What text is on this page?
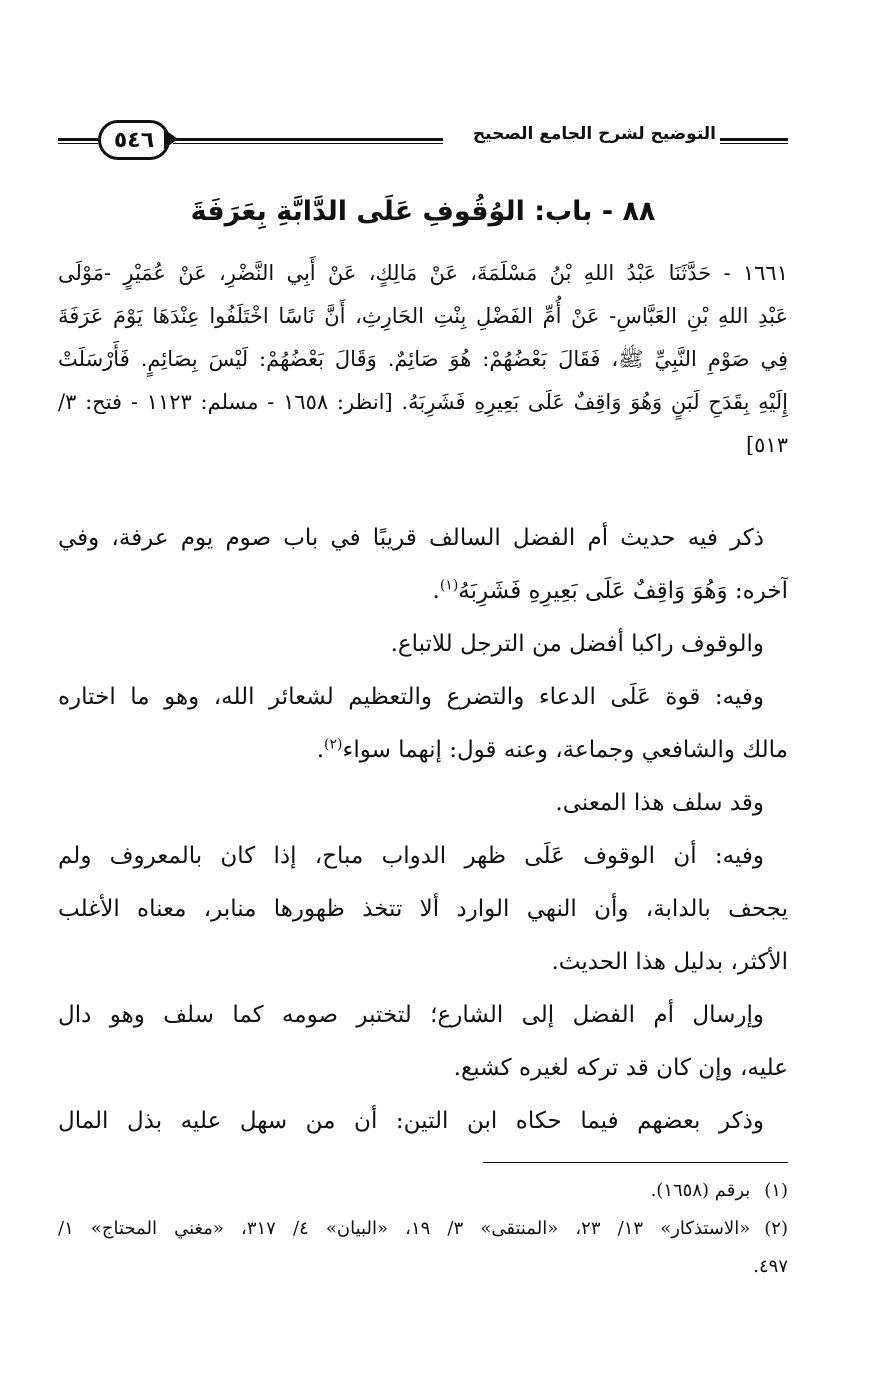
التوضيح لشرح الجامع الصحيح
٥٤٦
٨٨ - باب: الوُقُوفِ عَلَى الدَّابَّةِ بِعَرَفَةَ
١٦٦١ - حَدَّثَنَا عَبْدُ اللهِ بْنُ مَسْلَمَةَ، عَنْ مَالِكٍ، عَنْ أَبِي النَّضْرِ، عَنْ عُمَيْرٍ -مَوْلَى
عَبْدِ اللهِ بْنِ العَبَّاسِ- عَنْ أُمِّ الفَضْلِ بِنْتِ الحَارِثِ، أَنَّ نَاسًا اخْتَلَفُوا عِنْدَهَا يَوْمَ عَرَفَةَ
فِي صَوْمِ النَّبِيِّ ﷺ، فَقَالَ بَعْضُهُمْ: هُوَ صَائِمٌ. وَقَالَ بَعْضُهُمْ: لَيْسَ بِصَائِمٍ. فَأَرْسَلَتْ
إِلَيْهِ بِقَدَحِ لَبَنٍ وَهُوَ وَاقِفٌ عَلَى بَعِيرِهِ فَشَرِبَهُ. [انظر: ١٦٥٨ - مسلم: ١١٢٣ - فتح: ٣/
٥١٣]
ذكر فيه حديث أم الفضل السالف قريبًا في باب صوم يوم عرفة، وفي
آخره: وَهُوَ وَاقِفٌ عَلَى بَعِيرِهِ فَشَرِبَهُ$^{(١)}$.
والوقوف راكبا أفضل من الترجل للاتباع.
وفيه: قوة عَلَى الدعاء والتضرع والتعظيم لشعائر الله، وهو ما اختاره
مالك والشافعي وجماعة، وعنه قول: إنهما سواء$^{(٢)}$.
وقد سلف هذا المعنى.
وفيه: أن الوقوف عَلَى ظهر الدواب مباح، إذا كان بالمعروف ولم
يجحف بالدابة، وأن النهي الوارد ألا تتخذ ظهورها منابر، معناه الأغلب
الأكثر، بدليل هذا الحديث.
وإرسال أم الفضل إلى الشارع؛ لتختبر صومه كما سلف وهو دال
عليه، وإن كان قد تركه لغيره كشبع.
وذكر بعضهم فيما حكاه ابن التين: أن من سهل عليه بذل المال
(١)برقم (١٦٥٨).
(٢)«الاستذكار» ١٣/ ٢٣، «المنتقى» ٣/ ١٩، «البيان» ٤/ ٣١٧، «مغني المحتاج» ١/
٤٩٧.
